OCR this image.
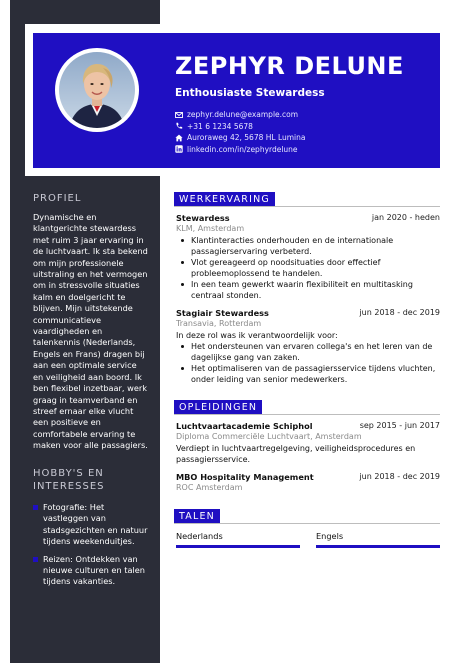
ZEPHYR DELUNE
Enthousiaste Stewardess
zephyr.delune@example.com
+31 6 1234 5678
Auroraweg 42, 5678 HL Lumina
linkedin.com/in/zephyrdelune
PROFIEL
Dynamische en klantgerichte stewardess met ruim 3 jaar ervaring in de luchtvaart. Ik sta bekend om mijn professionele uitstraling en het vermogen om in stressvolle situaties kalm en doelgericht te blijven. Mijn uitstekende communicatieve vaardigheden en talenkennis (Nederlands, Engels en Frans) dragen bij aan een optimale service en veiligheid aan boord. Ik ben flexibel inzetbaar, werk graag in teamverband en streef ernaar elke vlucht een positieve en comfortabele ervaring te maken voor alle passagiers.
HOBBY'S EN INTERESSES
Fotografie: Het vastleggen van stadsgezichten en natuur tijdens weekenduitjes.
Reizen: Ontdekken van nieuwe culturen en talen tijdens vakanties.
WERKERVARING
Stewardess	jan 2020 - heden
KLM, Amsterdam
Klantinteracties onderhouden en de internationale passagierservaring verbeterd.
Vlot gereageerd op noodsituaties door effectief probleemoplossend te handelen.
In een team gewerkt waarin flexibiliteit en multitasking centraal stonden.
Stagiair Stewardess	jun 2018 - dec 2019
Transavia, Rotterdam
In deze rol was ik verantwoordelijk voor:
Het ondersteunen van ervaren collega's en het leren van de dagelijkse gang van zaken.
Het optimaliseren van de passagiersservice tijdens vluchten, onder leiding van senior medewerkers.
OPLEIDINGEN
Luchtvaartacademie Schiphol	sep 2015 - jun 2017
Diploma Commerciële Luchtvaart, Amsterdam
Verdiept in luchtvaartregelgeving, veiligheidsprocedures en passagiersservice.
MBO Hospitality Management	jun 2018 - dec 2019
ROC Amsterdam
TALEN
Nederlands	Engels
